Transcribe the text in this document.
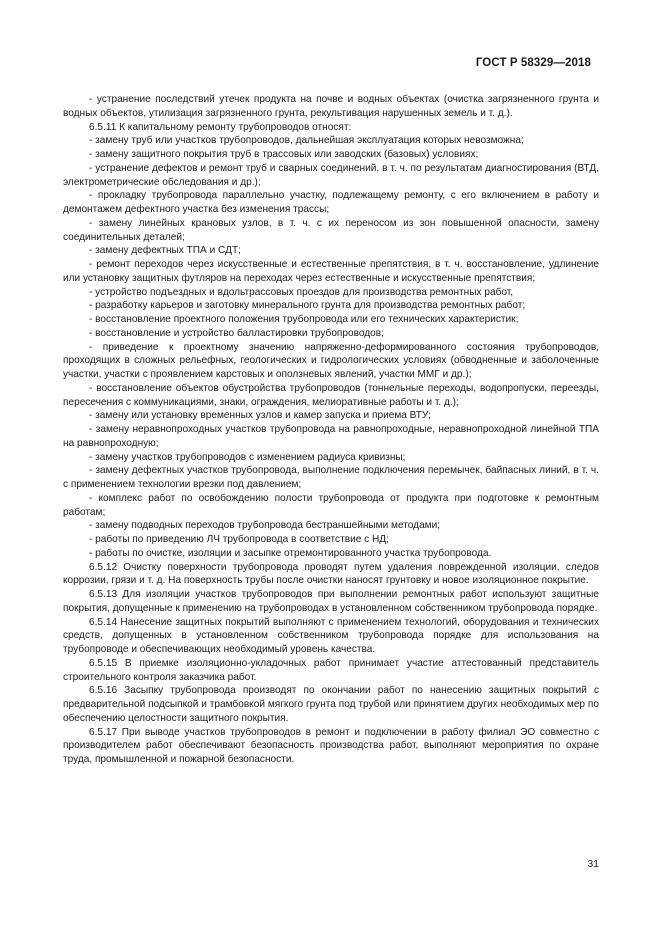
ГОСТ Р 58329—2018

- устранение последствий утечек продукта на почве и водных объектах (очистка загрязненного грунта и водных объектов, утилизация загрязненного грунта, рекультивация нарушенных земель и т. д.).

6.5.11 К капитальному ремонту трубопроводов относят:

- замену труб или участков трубопроводов, дальнейшая эксплуатация которых невозможна;

- замену защитного покрытия труб в трассовых или заводских (базовых) условиях;

- устранение дефектов и ремонт труб и сварных соединений, в т. ч. по результатам диагностирования (ВТД, электрометрические обследования и др.);

- прокладку трубопровода параллельно участку, подлежащему ремонту, с его включением в работу и демонтажем дефектного участка без изменения трассы;

- замену линейных крановых узлов, в т. ч. с их переносом из зон повышенной опасности, замену соединительных деталей;

- замену дефектных ТПА и СДТ;

- ремонт переходов через искусственные и естественные препятствия, в т. ч. восстановление, удлинение или установку защитных футляров на переходах через естественные и искусственные препятствия;

- устройство подъездных и вдольтрассовых проездов для производства ремонтных работ,

- разработку карьеров и заготовку минерального грунта для производства ремонтных работ;

- восстановление проектного положения трубопровода или его технических характеристик;

- восстановление и устройство балластировки трубопроводов;

- приведение к проектному значению напряженно-деформированного состояния трубопроводов, проходящих в сложных рельефных, геологических и гидрологических условиях (обводненные и заболоченные участки, участки с проявлением карстовых и оползневых явлений, участки ММГ и др.);

- восстановление объектов обустройства трубопроводов (тоннельные переходы, водопропуски, переезды, пересечения с коммуникациями, знаки, ограждения, мелиоративные работы и т. д.);

- замену или установку временных узлов и камер запуска и приема ВТУ;

- замену неравнопроходных участков трубопровода на равнопроходные, неравнопроходной линейной ТПА на равнопроходную;

- замену участков трубопроводов с изменением радиуса кривизны;

- замену дефектных участков трубопровода, выполнение подключения перемычек, байпасных линий, в т. ч. с применением технологии врезки под давлением;

- комплекс работ по освобождению полости трубопровода от продукта при подготовке к ремонтным работам;

- замену подводных переходов трубопровода бестраншейными методами;

- работы по приведению ЛЧ трубопровода в соответствие с НД;

- работы по очистке, изоляции и засыпке отремонтированного участка трубопровода.

6.5.12 Очистку поверхности трубопровода проводят путем удаления поврежденной изоляции, следов коррозии, грязи и т. д. На поверхность трубы после очистки наносят грунтовку и новое изоляционное покрытие.

6.5.13 Для изоляции участков трубопроводов при выполнении ремонтных работ используют защитные покрытия, допущенные к применению на трубопроводах в установленном собственником трубопровода порядке.

6.5.14 Нанесение защитных покрытий выполняют с применением технологий, оборудования и технических средств, допущенных в установленном собственником трубопровода порядке для использования на трубопроводе и обеспечивающих необходимый уровень качества.

6.5.15 В приемке изоляционно-укладочных работ принимает участие аттестованный представитель строительного контроля заказчика работ.

6.5.16 Засыпку трубопровода производят по окончании работ по нанесению защитных покрытий с предварительной подсыпкой и трамбовкой мягкого грунта под трубой или принятием других необходимых мер по обеспечению целостности защитного покрытия.

6.5.17 При выводе участков трубопроводов в ремонт и подключении в работу филиал ЭО совместно с производителем работ обеспечивают безопасность производства работ, выполняют мероприятия по охране труда, промышленной и пожарной безопасности.

31
